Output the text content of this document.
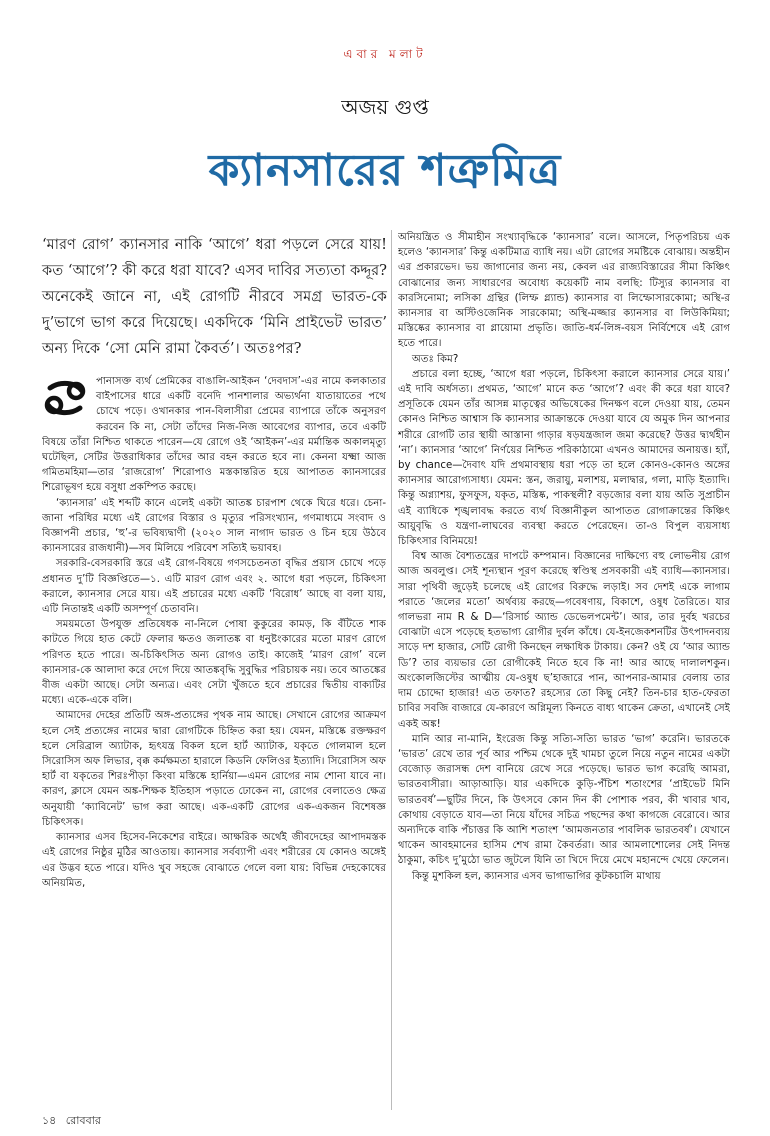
এবার মলাট
অজয় গুপ্ত
ক্যানসারের শত্রুমিত্র
‘মারণ রোগ’ ক্যানসার নাকি ‘আগে’ ধরা পড়লে সেরে যায়! কত ‘আগে’? কী করে ধরা যাবে? এসব দাবির সত্যতা কদ্দূর? অনেকেই জানে না, এই রোগটি নীরবে সমগ্র ভারত-কে দু’ভাগে ভাগ করে দিয়েছে। একদিকে ‘মিনি প্রাইভেট ভারত’ অন্য দিকে ‘সো মেনি রামা কৈবর্ত’। অতঃপর?

পানাসক্ত ব্যর্থ প্রেমিকের বাঙালি-আইকন ‘দেবদাস’-এর নামে কলকাতার বাইপাসের ধারে একটি বনেদি পানশালার অভ্যর্থনা যাতায়াতের পথে চোখে পড়ে। ওখানকার পান-বিলাসীরা প্রেমের ব্যাপারে তাঁকে অনুসরণ করবেন কি না, সেটা তাঁদের নিজ-নিজ আবেগের ব্যাপার, তবে একটি বিষয়ে তাঁরা নিশ্চিত থাকতে পারেন—যে রোগে ওই ‘আইকন’-এর মর্মান্তিক অকালমৃত্যু ঘটেছিল, সেটির উত্তরাধিকার তাঁদের আর বহন করতে হবে না। কেননা যক্ষ্মা আজ গমিতমহিমা—তার ‘রাজরোগ’ শিরোপাও মস্তকান্তরিত হয়ে আপাতত ক্যানসারের শিরোভূষণ হয়ে বসুধা প্রকম্পিত করছে।

‘ক্যানসার’ এই শব্দটি কানে এলেই একটা আতঙ্ক চারপাশ থেকে ঘিরে ধরে। চেনা-জানা পরিধির মধ্যে এই রোগের বিস্তার ও মৃত্যুর পরিসংখ্যান, গণমাধ্যমে সংবাদ ও বিজ্ঞাপনী প্রচার, ‘হু’-র ভবিষ্যদ্বাণী (২০২০ সাল নাগাদ ভারত ও চিন হয়ে উঠবে ক্যানসারের রাজধানী)—সব মিলিয়ে পরিবেশ সত্যিই ভয়াবহ।

সরকারি-বেসরকারি স্তরে এই রোগ-বিষয়ে গণসচেতনতা বৃদ্ধির প্রয়াস চোখে পড়ে প্রধানত দু’টি বিজ্ঞপ্তিতে—১. এটি মারণ রোগ এবং ২. আগে ধরা পড়লে, চিকিৎসা করালে, ক্যানসার সেরে যায়। এই প্রচারের মধ্যে একটি ‘বিরোধ’ আছে বা বলা যায়, এটি নিতান্তই একটি অসম্পূর্ণ চেতাবনি।

সময়মতো উপযুক্ত প্রতিষেধক না-নিলে পোষা কুকুরের কামড়, কি বঁটিতে শাক কাটতে গিয়ে হাত কেটে ফেলার ক্ষতও জলাতঙ্ক বা ধনুষ্টংকারের মতো মারণ রোগে পরিণত হতে পারে। অ-চিকিৎসিত অন্য রোগও তাই। কাজেই ‘মারণ রোগ’ বলে ক্যানসার-কে আলাদা করে দেগে দিয়ে আতঙ্কবৃদ্ধি সুবুদ্ধির পরিচায়ক নয়। তবে আতঙ্কের বীজ একটা আছে। সেটা অন্যত্র। এবং সেটা খুঁজতে হবে প্রচারের দ্বিতীয় বাক্যটির মধ্যে। একে-একে বলি।

আমাদের দেহের প্রতিটি অঙ্গ-প্রত্যঙ্গের পৃথক নাম আছে। সেখানে রোগের আক্রমণ হলে সেই প্রত্যঙ্গের নামের দ্বারা রোগটিকে চিহ্নিত করা হয়। যেমন, মস্তিষ্কে রক্তক্ষরণ হলে সেরিব্রাল অ্যাটাক, হৃৎযন্ত্র বিকল হলে হার্ট অ্যাটাক, যকৃতে গোলমাল হলে সিরোসিস অফ লিভার, বৃক্ক কর্মক্ষমতা হারালে কিডনি ফেলিওর ইত্যাদি। সিরোসিস অফ হার্ট বা যকৃতের শিরঃপীড়া কিংবা মস্তিষ্কে হার্নিয়া—এমন রোগের নাম শোনা যাবে না। কারণ, ক্লাসে যেমন অঙ্ক-শিক্ষক ইতিহাস পড়াতে ঢোকেন না, রোগের বেলাতেও ক্ষেত্র অনুযায়ী ‘ক্যাবিনেট’ ভাগ করা আছে। এক-একটি রোগের এক-একজন বিশেষজ্ঞ চিকিৎসক।

ক্যানসার এসব হিসেব-নিকেশের বাইরে। আক্ষরিক অর্থেই জীবদেহের আপাদমস্তক এই রোগের নিষ্ঠুর মুঠির আওতায়। ক্যানসার সর্বব্যাপী এবং শরীরের যে কোনও অঙ্গেই এর উদ্ভব হতে পারে। যদিও খুব সহজে বোঝাতে গেলে বলা যায়: বিভিন্ন দেহকোষের অনিয়মিত,

অনিয়ন্ত্রিত ও সীমাহীন সংখ্যাবৃদ্ধিকে ‘ক্যানসার’ বলে। আসলে, পিতৃপরিচয় এক হলেও ‘ক্যানসার’ কিন্তু একটিমাত্র ব্যাধি নয়। এটা রোগের সমষ্টিকে বোঝায়। অন্তহীন এর প্রকারভেদ। ভয় জাগানোর জন্য নয়, কেবল এর রাজ্যবিস্তারের সীমা কিঞ্চিৎ বোঝানোর জন্য সাধারণের অবোধ্য কয়েকটি নাম বলছি: টিস্যুর ক্যানসার বা কারসিনোমা; লসিকা গ্রন্থির (লিম্ফ গ্ল্যান্ড) ক্যানসার বা লিম্ফোসারকোমা; অস্থি-র ক্যানসার বা অস্টিওজেনিক সারকোমা; অস্থি-মজ্জার ক্যানসার বা লিউকিমিয়া; মস্তিষ্কের ক্যানসার বা গ্লায়োমা প্রভৃতি। জাতি-ধর্ম-লিঙ্গ-বয়স নির্বিশেষে এই রোগ হতে পারে।

অতঃ কিম?

প্রচারে বলা হচ্ছে, ‘আগে ধরা পড়লে, চিকিৎসা করালে ক্যানসার সেরে যায়।’ এই দাবি অর্ধসত্য। প্রথমত, ‘আগে’ মানে কত ‘আগে’? এবং কী করে ধরা যাবে? প্রসূতিকে যেমন তাঁর আসন্ন মাতৃত্বের অভিষেকের দিনক্ষণ বলে দেওয়া যায়, তেমন কোনও নিশ্চিত আশ্বাস কি ক্যানসার আক্রান্তকে দেওয়া যাবে যে অমুক দিন আপনার শরীরে রোগটি তার স্থায়ী আস্তানা গাড়ার ষড়যন্ত্রজাল জমা করেছে? উত্তর দ্ব্যর্থহীন ‘না’। ক্যানসার ‘আগে’ নির্ণয়ের নিশ্চিত পরিকাঠামো এখনও আমাদের অনায়ত্ত। হ্যাঁ, by chance—দৈবাৎ যদি প্রথমাবস্থায় ধরা পড়ে তা হলে কোনও-কোনও অঙ্গের ক্যানসার আরোগ্যসাধ্য। যেমন: স্তন, জরায়ু, মলাশয়, মলাদ্বার, গলা, মাড়ি ইত্যাদি। কিন্তু অগ্ন্যাশয়, ফুসফুস, যকৃত, মস্তিষ্ক, পাকস্থলী? বড়জোর বলা যায় অতি সুপ্রাচীন এই ব্যাধিকে শৃঙ্খলাবদ্ধ করতে ব্যর্থ বিজ্ঞানীকুল আপাতত রোগাক্রান্তের কিঞ্চিৎ আয়ুবৃদ্ধি ও যন্ত্রণা-লাঘবের ব্যবস্থা করতে পেরেছেন। তা-ও বিপুল ব্যয়সাধ্য চিকিৎসার বিনিময়ে!

বিশ্ব আজ বৈশ্যতন্ত্রের দাপটে কম্পমান। বিজ্ঞানের দাক্ষিণ্যে বহু লোভনীয় রোগ আজ অবলুপ্ত। সেই শূন্যস্থান পূরণ করেছে স্বণ্ডিস্থ প্রসবকারী এই ব্যাধি—ক্যানসার। সারা পৃথিবী জুড়েই চলেছে এই রোগের বিরুদ্ধে লড়াই। সব দেশই একে লাগাম পরাতে ‘জলের মতো’ অর্থব্যয় করছে—গবেষণায়, বিকাশে, ওষুধ তৈরিতে। যার গালভরা নাম R & D—‘রিসার্চ অ্যান্ড ডেভেলপমেন্ট’। আর, তার দুর্বহ খরচের বোঝাটা এসে পড়েছে হতভাগ্য রোগীর দুর্বল কাঁধে। যে-ইনজেকশনটির উৎপাদনব্যয় সাড়ে দশ হাজার, সেটি রোগী কিনছেন লক্ষাধিক টাকায়। কেন? ওই যে ‘আর অ্যান্ড ডি’? তার ব্যয়ভার তো রোগীকেই নিতে হবে কি না! আর আছে দালালশকুন। অংকোলজিস্টের আত্মীয় যে-ওষুধ ছ’হাজারে পান, আপনার-আমার বেলায় তার দাম চোদ্দো হাজার! এত তফাত? রহস্যের তো কিছু নেই? তিন-চার হাত-ফেরতা চাবির সবজি বাজারে যে-কারণে অগ্নিমূল্য কিনতে বাধ্য থাকেন ক্রেতা, এখানেই সেই একই অঙ্ক!

মানি আর না-মানি, ইংরেজ কিন্তু সত্যি-সত্যি ভারত ‘ভাগ’ করেনি। ভারতকে ‘ভারত’ রেখে তার পূর্ব আর পশ্চিম থেকে দুই খামচা তুলে নিয়ে নতুন নামের একটা বেজোড় জরাসন্ধ দেশ বানিয়ে রেখে সরে পড়েছে। ভারত ভাগ করেছি আমরা, ভারতবাসীরা। আড়াআড়ি। যার একদিকে কুড়ি-পঁচিশ শতাংশের ‘প্রাইভেট মিনি ভারতবর্ষ’—ছুটির দিনে, কি উৎসবে কোন দিন কী পোশাক পরব, কী খাবার খাব, কোথায় বেড়াতে যাব—তা নিয়ে যাঁদের সচিত্র পছন্দের কথা কাগজে বেরোবে। আর অন্যদিকে বাকি পঁচাত্তর কি আশি শতাংশ ‘আমজনতার পাবলিক ভারতবর্ষ’। যেখানে থাকেন আবহমানের হাসিম শেখ রামা কৈবর্তরা। আর আমলাশোলের সেই নিদন্ত ঠাকুমা, কচিৎ দু’মুঠো ভাত জুটলে যিনি তা খিদে দিয়ে মেখে মহানন্দে খেয়ে ফেলেন।

কিন্তু মুশকিল হল, ক্যানসার এসব ভাগাভাগির কূটকচালি মাথায়

১৪ রোববার
